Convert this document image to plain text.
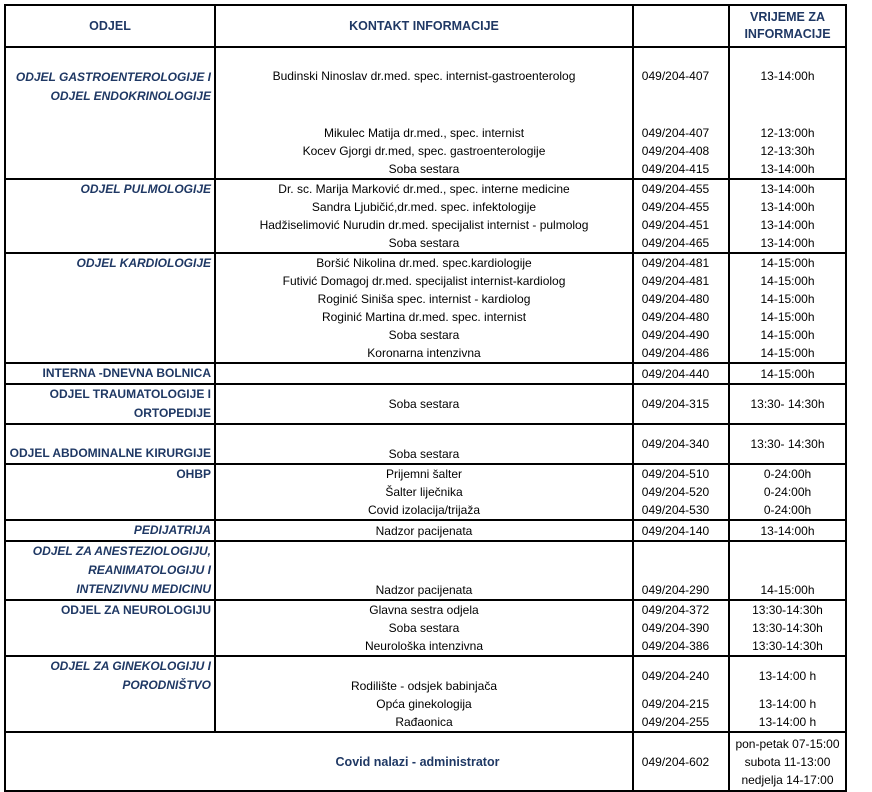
ODJEL	KONTAKT INFORMACIJE		VRIJEME ZA
INFORMACIJE

ODJEL GASTROENTEROLOGIJE I
ODJEL ENDOKRINOLOGIJE	Budinski Ninoslav dr.med. spec. internist-gastroenterolog	049/204-407	13-14:00h
	Mikulec Matija dr.med., spec. internist	049/204-407	12-13:00h
	Kocev Gjorgi dr.med, spec. gastroenterologije	049/204-408	12-13:30h
	Soba sestara	049/204-415	13-14:00h
ODJEL PULMOLOGIJE	Dr. sc. Marija Marković dr.med., spec. interne medicine	049/204-455	13-14:00h
	Sandra Ljubičić,dr.med. spec. infektologije	049/204-455	13-14:00h
	Hadžiselimović Nurudin dr.med. specijalist internist - pulmolog	049/204-451	13-14:00h
	Soba sestara	049/204-465	13-14:00h
ODJEL KARDIOLOGIJE	Boršić Nikolina dr.med. spec.kardiologije	049/204-481	14-15:00h
	Futivić Domagoj dr.med. specijalist internist-kardiolog	049/204-481	14-15:00h
	Roginić Siniša spec. internist - kardiolog	049/204-480	14-15:00h
	Roginić Martina dr.med. spec. internist	049/204-480	14-15:00h
	Soba sestara	049/204-490	14-15:00h
	Koronarna intenzivna	049/204-486	14-15:00h
INTERNA -DNEVNA BOLNICA		049/204-440	14-15:00h

ODJEL TRAUMATOLOGIJE I
ORTOPEDIJE	Soba sestara	049/204-315	13:30- 14:30h
ODJEL ABDOMINALNE KIRURGIJE	Soba sestara	049/204-340	13:30- 14:30h
OHBP	Prijemni šalter	049/204-510	0-24:00h
	Šalter liječnika	049/204-520	0-24:00h
	Covid izolacija/trijaža	049/204-530	0-24:00h
PEDIJATRIJA	Nadzor pacijenata	049/204-140	13-14:00h

ODJEL ZA ANESTEZIOLOGIJU,
REANIMATOLOGIJU I
INTENZIVNU MEDICINU	Nadzor pacijenata	049/204-290	14-15:00h
ODJEL ZA NEUROLOGIJU	Glavna sestra odjela	049/204-372	13:30-14:30h
	Soba sestara	049/204-390	13:30-14:30h
	Neurološka intenzivna	049/204-386	13:30-14:30h

ODJEL ZA GINEKOLOGIJU I
PORODNIŠTVO	Rodilište - odsjek babinjača	049/204-240	13-14:00 h
	Opća ginekologija	049/204-215	13-14:00 h
	Rađaonica	049/204-255	13-14:00 h
Covid nalazi - administrator		049/204-602	pon-petak 07-15:00
subota 11-13:00
nedjelja 14-17:00
